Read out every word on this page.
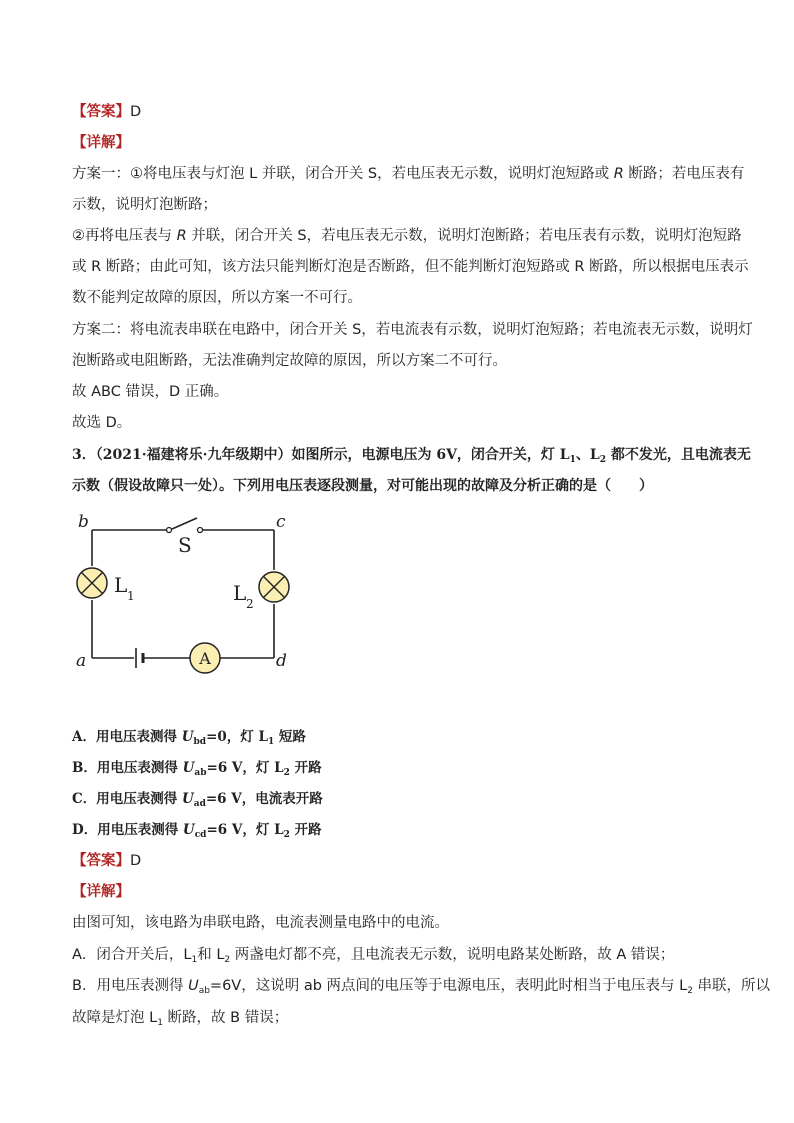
【答案】D
【详解】
方案一：①将电压表与灯泡 L 并联，闭合开关 S，若电压表无示数，说明灯泡短路或 R 断路；若电压表有
示数，说明灯泡断路；
②再将电压表与 R 并联，闭合开关 S，若电压表无示数，说明灯泡断路；若电压表有示数，说明灯泡短路
或 R 断路；由此可知，该方法只能判断灯泡是否断路，但不能判断灯泡短路或 R 断路，所以根据电压表示
数不能判定故障的原因，所以方案一不可行。
方案二：将电流表串联在电路中，闭合开关 S，若电流表有示数，说明灯泡短路；若电流表无示数，说明灯
泡断路或电阻断路，无法准确判定故障的原因，所以方案二不可行。
故 ABC 错误，D 正确。
故选 D。
3．（2021·福建将乐·九年级期中）如图所示，电源电压为 6V，闭合开关，灯 $L_1$、$L_2$ 都不发光，且电流表无
示数（假设故障只一处）。下列用电压表逐段测量，对可能出现的故障及分析正确的是（　　）
A
b	c
a	d
S
L 1	L 2
A．用电压表测得 $U_{bd}=0$，灯 $L_1$ 短路
B．用电压表测得 $U_{ab}=6$ V，灯 $L_2$ 开路
C．用电压表测得 $U_{ad}=6$ V，电流表开路
D．用电压表测得 $U_{cd}=6$ V，灯 $L_2$ 开路
【答案】D
【详解】
由图可知，该电路为串联电路，电流表测量电路中的电流。
A．闭合开关后，$L_1$和 $L_2$ 两盏电灯都不亮，且电流表无示数，说明电路某处断路，故 A 错误；
B．用电压表测得 $U_{ab}=6V$，这说明 ab 两点间的电压等于电源电压，表明此时相当于电压表与 $L_2$ 串联，所以
故障是灯泡 $L_1$ 断路，故 B 错误；
